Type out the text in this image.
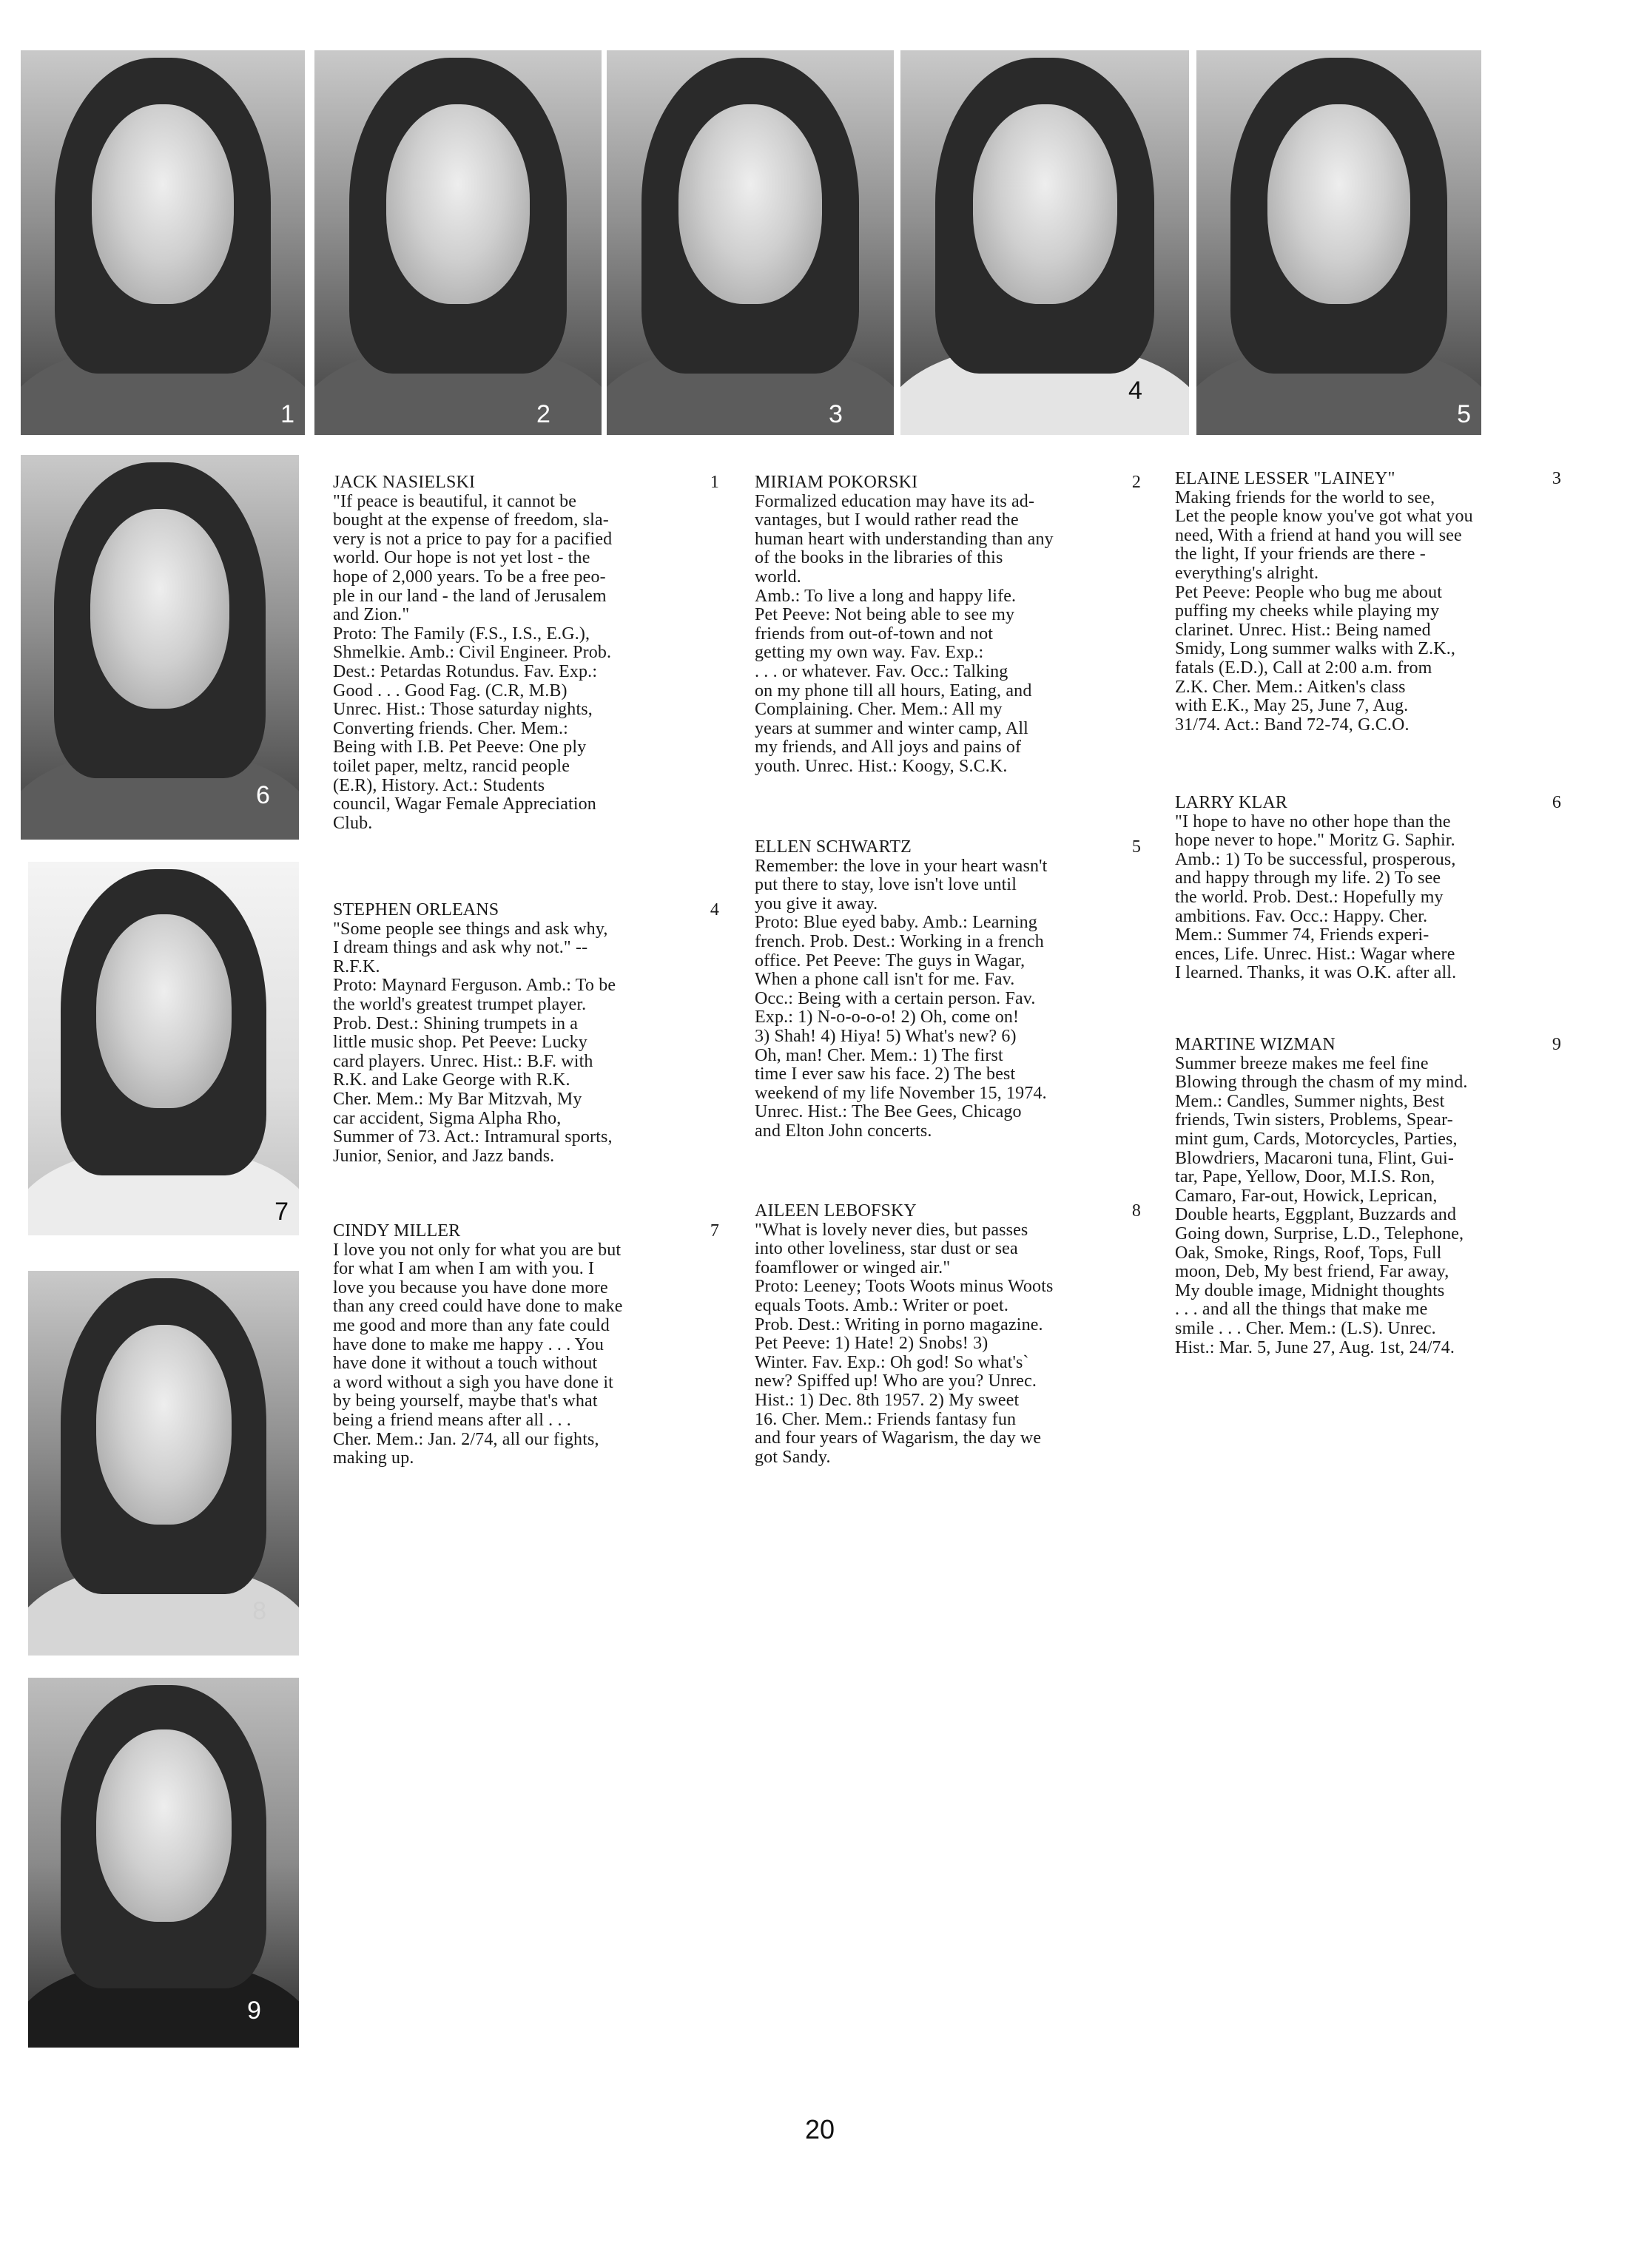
1	2	3
4
5
6
7
8
9
JACK NASIELSKI	1
"If peace is beautiful, it cannot be
bought at the expense of freedom, sla-
very is not a price to pay for a pacified
world. Our hope is not yet lost - the
hope of 2,000 years. To be a free peo-
ple in our land - the land of Jerusalem
and Zion."
Proto: The Family (F.S., I.S., E.G.),
Shmelkie. Amb.: Civil Engineer. Prob.
Dest.: Petardas Rotundus. Fav. Exp.:
Good . . . Good Fag. (C.R, M.B)
Unrec. Hist.: Those saturday nights,
Converting friends. Cher. Mem.:
Being with I.B. Pet Peeve: One ply
toilet paper, meltz, rancid people
(E.R), History. Act.: Students
council, Wagar Female Appreciation
Club.
STEPHEN ORLEANS	4
"Some people see things and ask why,
I dream things and ask why not." --
R.F.K.
Proto: Maynard Ferguson. Amb.: To be
the world's greatest trumpet player.
Prob. Dest.: Shining trumpets in a
little music shop. Pet Peeve: Lucky
card players. Unrec. Hist.: B.F. with
R.K. and Lake George with R.K.
Cher. Mem.: My Bar Mitzvah, My
car accident, Sigma Alpha Rho,
Summer of 73. Act.: Intramural sports,
Junior, Senior, and Jazz bands.
CINDY MILLER	7
I love you not only for what you are but
for what I am when I am with you. I
love you because you have done more
than any creed could have done to make
me good and more than any fate could
have done to make me happy . . . You
have done it without a touch without
a word without a sigh you have done it
by being yourself, maybe that's what
being a friend means after all . . .
Cher. Mem.: Jan. 2/74, all our fights,
making up.
MIRIAM POKORSKI	2
Formalized education may have its ad-
vantages, but I would rather read the
human heart with understanding than any
of the books in the libraries of this
world.
Amb.: To live a long and happy life.
Pet Peeve: Not being able to see my
friends from out-of-town and not
getting my own way. Fav. Exp.:
. . . or whatever. Fav. Occ.: Talking
on my phone till all hours, Eating, and
Complaining. Cher. Mem.: All my
years at summer and winter camp, All
my friends, and All joys and pains of
youth. Unrec. Hist.: Koogy, S.C.K.
ELLEN SCHWARTZ	5
Remember: the love in your heart wasn't
put there to stay, love isn't love until
you give it away.
Proto: Blue eyed baby. Amb.: Learning
french. Prob. Dest.: Working in a french
office. Pet Peeve: The guys in Wagar,
When a phone call isn't for me. Fav.
Occ.: Being with a certain person. Fav.
Exp.: 1) N-o-o-o-o! 2) Oh, come on!
3) Shah! 4) Hiya! 5) What's new? 6)
Oh, man! Cher. Mem.: 1) The first
time I ever saw his face. 2) The best
weekend of my life November 15, 1974.
Unrec. Hist.: The Bee Gees, Chicago
and Elton John concerts.
AILEEN LEBOFSKY	8
"What is lovely never dies, but passes
into other loveliness, star dust or sea
foamflower or winged air."
Proto: Leeney; Toots Woots minus Woots
equals Toots. Amb.: Writer or poet.
Prob. Dest.: Writing in porno magazine.
Pet Peeve: 1) Hate! 2) Snobs! 3)
Winter. Fav. Exp.: Oh god! So what's`
new? Spiffed up! Who are you? Unrec.
Hist.: 1) Dec. 8th 1957. 2) My sweet
16. Cher. Mem.: Friends fantasy fun
and four years of Wagarism, the day we
got Sandy.
ELAINE LESSER "LAINEY"	3
Making friends for the world to see,
Let the people know you've got what you
need, With a friend at hand you will see
the light, If your friends are there -
everything's alright.
Pet Peeve: People who bug me about
puffing my cheeks while playing my
clarinet. Unrec. Hist.: Being named
Smidy, Long summer walks with Z.K.,
fatals (E.D.), Call at 2:00 a.m. from
Z.K. Cher. Mem.: Aitken's class
with E.K., May 25, June 7, Aug.
31/74. Act.: Band 72-74, G.C.O.
LARRY KLAR	6
"I hope to have no other hope than the
hope never to hope." Moritz G. Saphir.
Amb.: 1) To be successful, prosperous,
and happy through my life. 2) To see
the world. Prob. Dest.: Hopefully my
ambitions. Fav. Occ.: Happy. Cher.
Mem.: Summer 74, Friends experi-
ences, Life. Unrec. Hist.: Wagar where
I learned. Thanks, it was O.K. after all.
MARTINE WIZMAN	9
Summer breeze makes me feel fine
Blowing through the chasm of my mind.
Mem.: Candles, Summer nights, Best
friends, Twin sisters, Problems, Spear-
mint gum, Cards, Motorcycles, Parties,
Blowdriers, Macaroni tuna, Flint, Gui-
tar, Pape, Yellow, Door, M.I.S. Ron,
Camaro, Far-out, Howick, Leprican,
Double hearts, Eggplant, Buzzards and
Going down, Surprise, L.D., Telephone,
Oak, Smoke, Rings, Roof, Tops, Full
moon, Deb, My best friend, Far away,
My double image, Midnight thoughts
. . . and all the things that make me
smile . . . Cher. Mem.: (L.S). Unrec.
Hist.: Mar. 5, June 27, Aug. 1st, 24/74.
20
